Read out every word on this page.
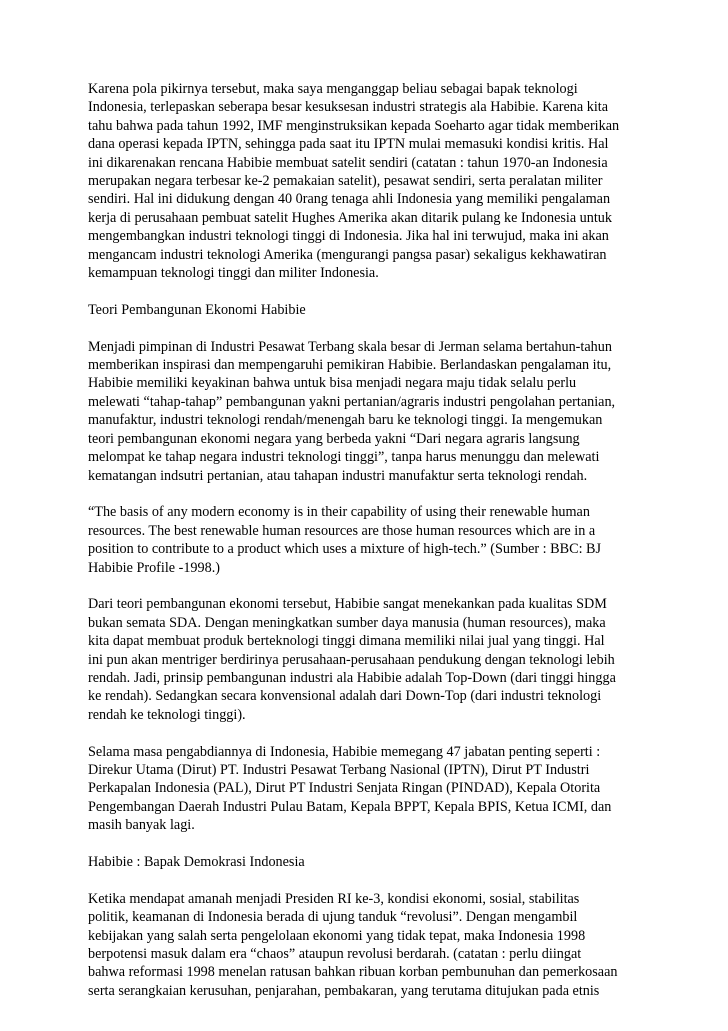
Karena pola pikirnya tersebut, maka saya menganggap beliau sebagai bapak teknologi
Indonesia, terlepaskan seberapa besar kesuksesan industri strategis ala Habibie. Karena kita
tahu bahwa pada tahun 1992, IMF menginstruksikan kepada Soeharto agar tidak memberikan
dana operasi kepada IPTN, sehingga pada saat itu IPTN mulai memasuki kondisi kritis. Hal
ini dikarenakan rencana Habibie membuat satelit sendiri (catatan : tahun 1970-an Indonesia
merupakan negara terbesar ke-2 pemakaian satelit), pesawat sendiri, serta peralatan militer
sendiri. Hal ini didukung dengan 40 0rang tenaga ahli Indonesia yang memiliki pengalaman
kerja di perusahaan pembuat satelit Hughes Amerika akan ditarik pulang ke Indonesia untuk
mengembangkan industri teknologi tinggi di Indonesia. Jika hal ini terwujud, maka ini akan
mengancam industri teknologi Amerika (mengurangi pangsa pasar) sekaligus kekhawatiran
kemampuan teknologi tinggi dan militer Indonesia.

Teori Pembangunan Ekonomi Habibie

Menjadi pimpinan di Industri Pesawat Terbang skala besar di Jerman selama bertahun-tahun
memberikan inspirasi dan mempengaruhi pemikiran Habibie. Berlandaskan pengalaman itu,
Habibie memiliki keyakinan bahwa untuk bisa menjadi negara maju tidak selalu perlu
melewati “tahap-tahap” pembangunan yakni pertanian/agraris industri pengolahan pertanian,
manufaktur, industri teknologi rendah/menengah baru ke teknologi tinggi. Ia mengemukan
teori pembangunan ekonomi negara yang berbeda yakni “Dari negara agraris langsung
melompat ke tahap negara industri teknologi tinggi”, tanpa harus menunggu dan melewati
kematangan indsutri pertanian, atau tahapan industri manufaktur serta teknologi rendah.

“The basis of any modern economy is in their capability of using their renewable human
resources. The best renewable human resources are those human resources which are in a
position to contribute to a product which uses a mixture of high-tech.” (Sumber : BBC: BJ
Habibie Profile -1998.)

Dari teori pembangunan ekonomi tersebut, Habibie sangat menekankan pada kualitas SDM
bukan semata SDA. Dengan meningkatkan sumber daya manusia (human resources), maka
kita dapat membuat produk berteknologi tinggi dimana memiliki nilai jual yang tinggi. Hal
ini pun akan mentriger berdirinya perusahaan-perusahaan pendukung dengan teknologi lebih
rendah. Jadi, prinsip pembangunan industri ala Habibie adalah Top-Down (dari tinggi hingga
ke rendah). Sedangkan secara konvensional adalah dari Down-Top (dari industri teknologi
rendah ke teknologi tinggi).

Selama masa pengabdiannya di Indonesia, Habibie memegang 47 jabatan penting seperti :
Direkur Utama (Dirut) PT. Industri Pesawat Terbang Nasional (IPTN), Dirut PT Industri
Perkapalan Indonesia (PAL), Dirut PT Industri Senjata Ringan (PINDAD), Kepala Otorita
Pengembangan Daerah Industri Pulau Batam, Kepala BPPT, Kepala BPIS, Ketua ICMI, dan
masih banyak lagi.

Habibie : Bapak Demokrasi Indonesia

Ketika mendapat amanah menjadi Presiden RI ke-3, kondisi ekonomi, sosial, stabilitas
politik, keamanan di Indonesia berada di ujung tanduk “revolusi”. Dengan mengambil
kebijakan yang salah serta pengelolaan ekonomi yang tidak tepat, maka Indonesia 1998
berpotensi masuk dalam era “chaos” ataupun revolusi berdarah. (catatan : perlu diingat
bahwa reformasi 1998 menelan ratusan bahkan ribuan korban pembunuhan dan pemerkosaan
serta serangkaian kerusuhan, penjarahan, pembakaran, yang terutama ditujukan pada etnis
